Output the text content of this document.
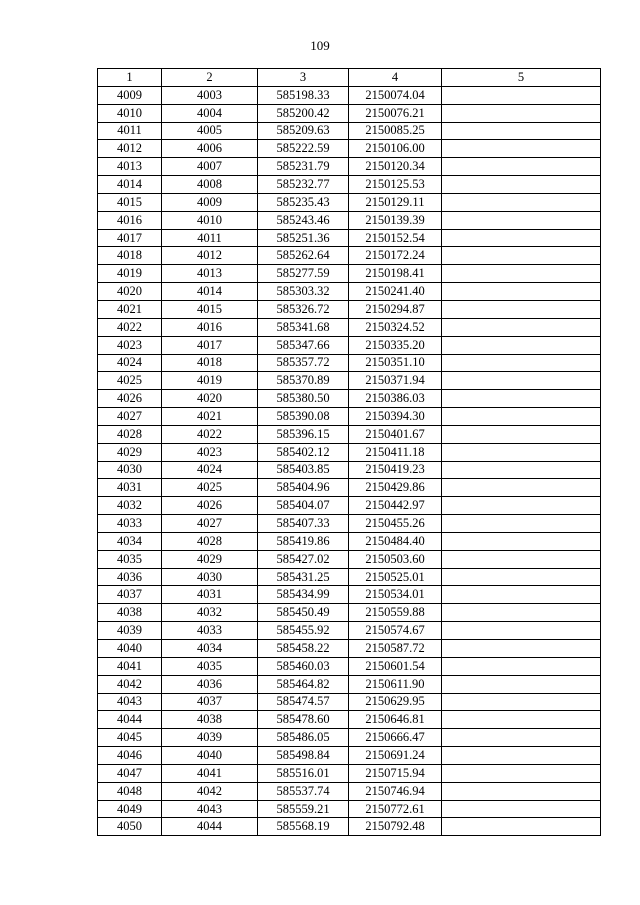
109
1	2	3	4	5
4009	4003	585198.33	2150074.04	
4010	4004	585200.42	2150076.21	
4011	4005	585209.63	2150085.25	
4012	4006	585222.59	2150106.00	
4013	4007	585231.79	2150120.34	
4014	4008	585232.77	2150125.53	
4015	4009	585235.43	2150129.11	
4016	4010	585243.46	2150139.39	
4017	4011	585251.36	2150152.54	
4018	4012	585262.64	2150172.24	
4019	4013	585277.59	2150198.41	
4020	4014	585303.32	2150241.40	
4021	4015	585326.72	2150294.87	
4022	4016	585341.68	2150324.52	
4023	4017	585347.66	2150335.20	
4024	4018	585357.72	2150351.10	
4025	4019	585370.89	2150371.94	
4026	4020	585380.50	2150386.03	
4027	4021	585390.08	2150394.30	
4028	4022	585396.15	2150401.67	
4029	4023	585402.12	2150411.18	
4030	4024	585403.85	2150419.23	
4031	4025	585404.96	2150429.86	
4032	4026	585404.07	2150442.97	
4033	4027	585407.33	2150455.26	
4034	4028	585419.86	2150484.40	
4035	4029	585427.02	2150503.60	
4036	4030	585431.25	2150525.01	
4037	4031	585434.99	2150534.01	
4038	4032	585450.49	2150559.88	
4039	4033	585455.92	2150574.67	
4040	4034	585458.22	2150587.72	
4041	4035	585460.03	2150601.54	
4042	4036	585464.82	2150611.90	
4043	4037	585474.57	2150629.95	
4044	4038	585478.60	2150646.81	
4045	4039	585486.05	2150666.47	
4046	4040	585498.84	2150691.24	
4047	4041	585516.01	2150715.94	
4048	4042	585537.74	2150746.94	
4049	4043	585559.21	2150772.61	
4050	4044	585568.19	2150792.48	
